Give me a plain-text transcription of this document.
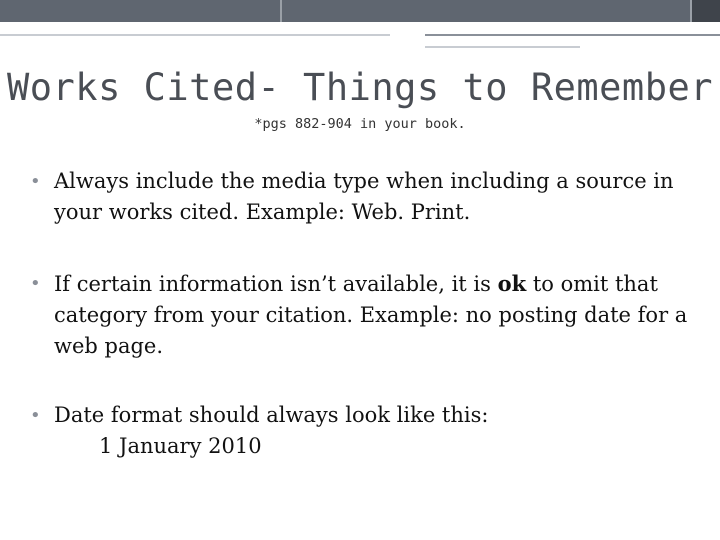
Works Cited- Things to Remember
*pgs 882-904 in your book.
• Always include the media type when including a source in your works cited. Example: Web. Print.
• If certain information isn’t available, it is ok to omit that category from your citation. Example: no posting date for a web page.
• Date format should always look like this:
1 January 2010
